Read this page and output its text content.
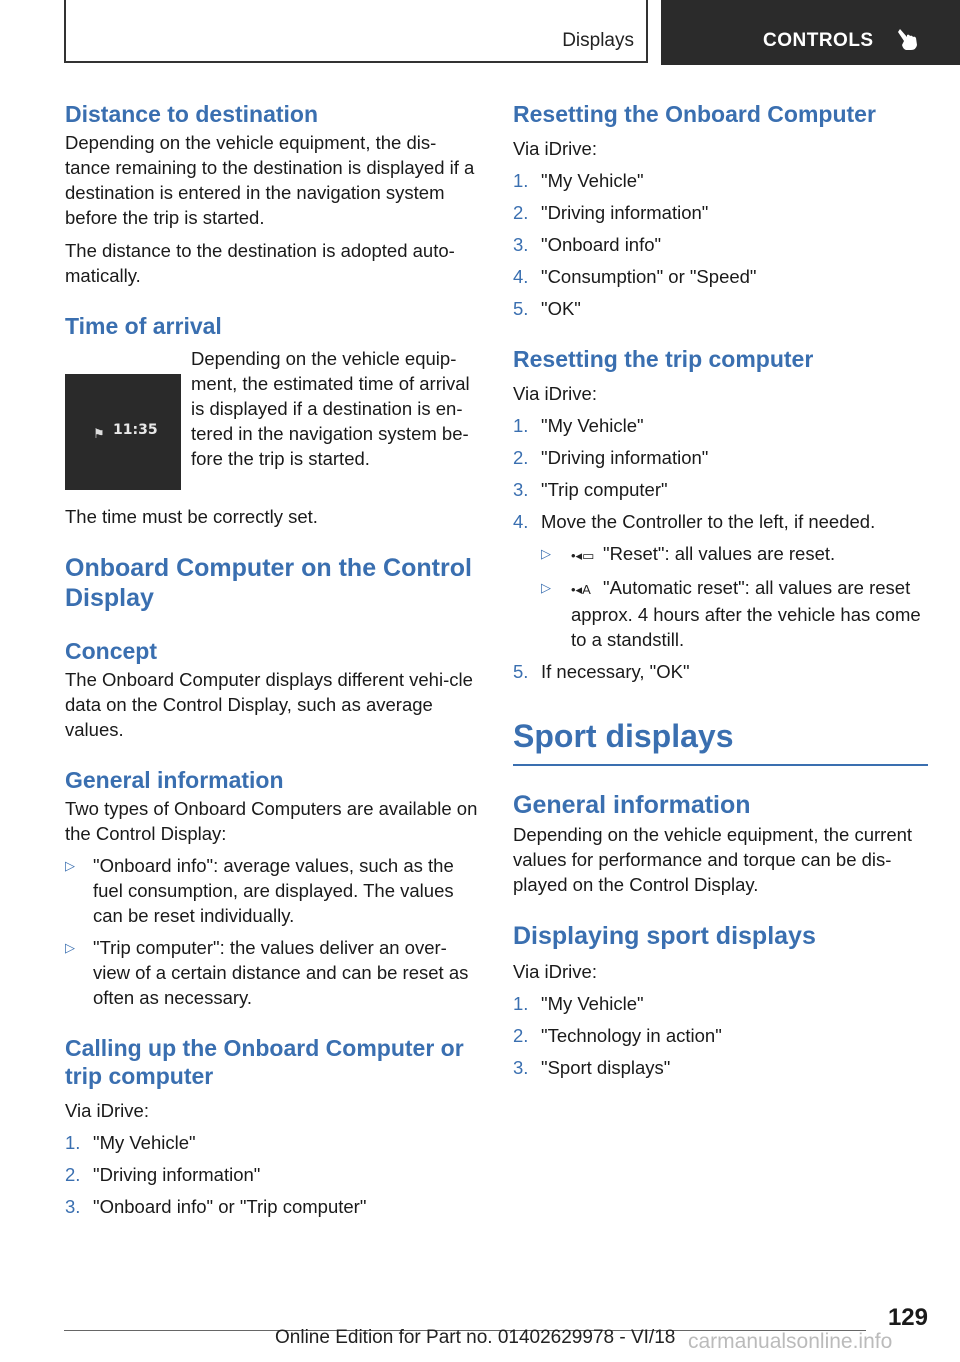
Displays	CONTROLS
Distance to destination

Depending on the vehicle equipment, the dis-tance remaining to the destination is displayed if a destination is entered in the navigation system before the trip is started.

The distance to the destination is adopted auto-matically.

Time of arrival
⚑ 11:35
Depending on the vehicle equip-ment, the estimated time of arrival is displayed if a destination is en-tered in the navigation system be-fore the trip is started.

The time must be correctly set.

Onboard Computer on the Control Display
Concept

The Onboard Computer displays different vehi-cle data on the Control Display, such as average values.

General information

Two types of Onboard Computers are available on the Control Display:

▷ "Onboard info": average values, such as the fuel consumption, are displayed. The values can be reset individually.
▷ "Trip computer": the values deliver an over-view of a certain distance and can be reset as often as necessary.
Calling up the Onboard Computer or trip computer

Via iDrive:

1. "My Vehicle"
2. "Driving information"
3. "Onboard info" or "Trip computer"
Resetting the Onboard Computer

Via iDrive:

1. "My Vehicle"
2. "Driving information"
3. "Onboard info"
4. "Consumption" or "Speed"
5. "OK"
Resetting the trip computer

Via iDrive:

1. "My Vehicle"
2. "Driving information"
3. "Trip computer"
4. Move the Controller to the left, if needed.
▷ •◂▭ "Reset": all values are reset.
▷ •◂A "Automatic reset": all values are reset approx. 4 hours after the vehicle has come to a standstill.
5. If necessary, "OK"
Sport displays
General information

Depending on the vehicle equipment, the current values for performance and torque can be dis-played on the Control Display.

Displaying sport displays

Via iDrive:

1. "My Vehicle"
2. "Technology in action"
3. "Sport displays"
129
Online Edition for Part no. 01402629978 - VI/18 carmanualsonline.info
